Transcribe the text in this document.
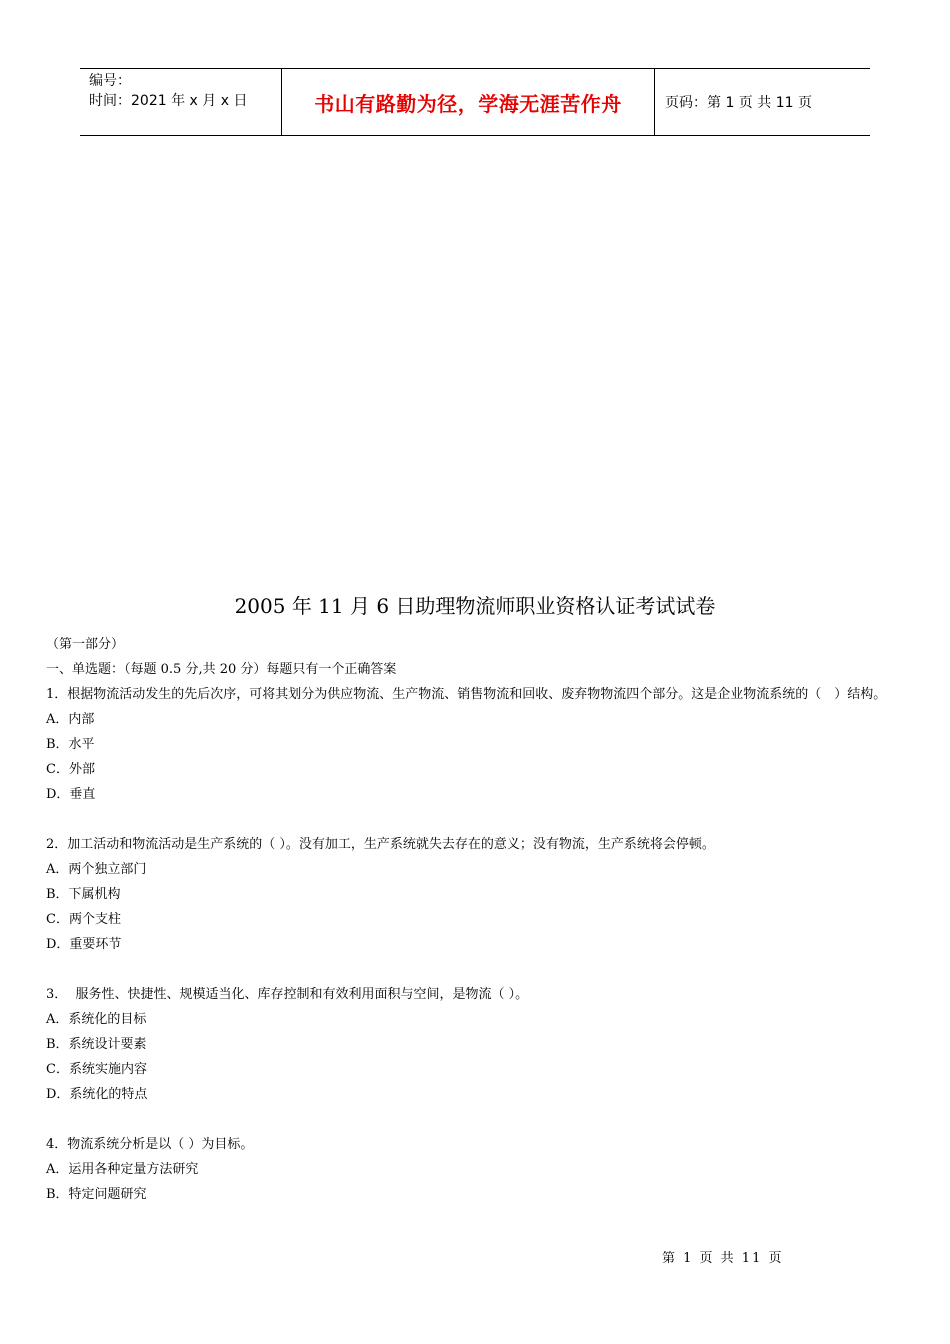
编号：
时间：2021 年 x 月 x 日	书山有路勤为径，学海无涯苦作舟	页码：第 1 页 共 11 页
2005 年 11 月 6 日助理物流师职业资格认证考试试卷
（第一部分）
一、单选题：（每题 0.5 分,共 20 分）每题只有一个正确答案
1．根据物流活动发生的先后次序，可将其划分为供应物流、生产物流、销售物流和回收、废弃物物流四个部分。这是企业物流系统的（　）结构。
A．内部
B．水平
C．外部
D．垂直
2．加工活动和物流活动是生产系统的（ ）。没有加工，生产系统就失去存在的意义；没有物流，生产系统将会停顿。
A．两个独立部门
B．下属机构
C．两个支柱
D．重要环节
3．  服务性、快捷性、规模适当化、库存控制和有效利用面积与空间，是物流（ ）。
A．系统化的目标
B．系统设计要素
C．系统实施内容
D．系统化的特点
4．物流系统分析是以（ ）为目标。
A．运用各种定量方法研究
B．特定问题研究
第 1 页 共 11 页
